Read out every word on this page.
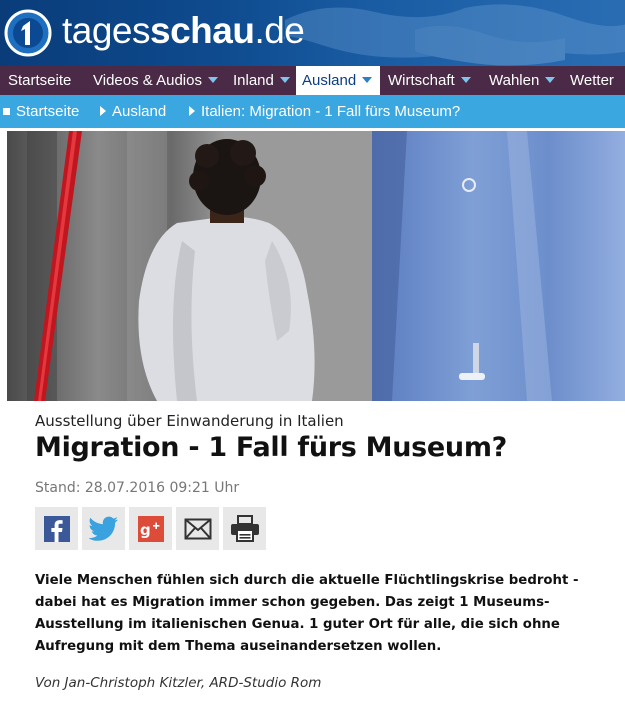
tagesschau.de
Startseite	Videos & Audios	Inland	Ausland	Wirtschaft	Wahlen	Wetter
Startseite	Ausland	Italien: Migration - 1 Fall fürs Museum?
Ausstellung über Einwanderung in Italien
Migration - 1 Fall fürs Museum?
Stand: 28.07.2016 09:21 Uhr
g

Viele Menschen fühlen sich durch die aktuelle Flüchtlingskrise bedroht - dabei hat es Migration immer schon gegeben. Das zeigt 1 Museums-Ausstellung im italienischen Genua. 1 guter Ort für alle, die sich ohne Aufregung mit dem Thema auseinandersetzen wollen.

Von Jan-Christoph Kitzler, ARD-Studio Rom
